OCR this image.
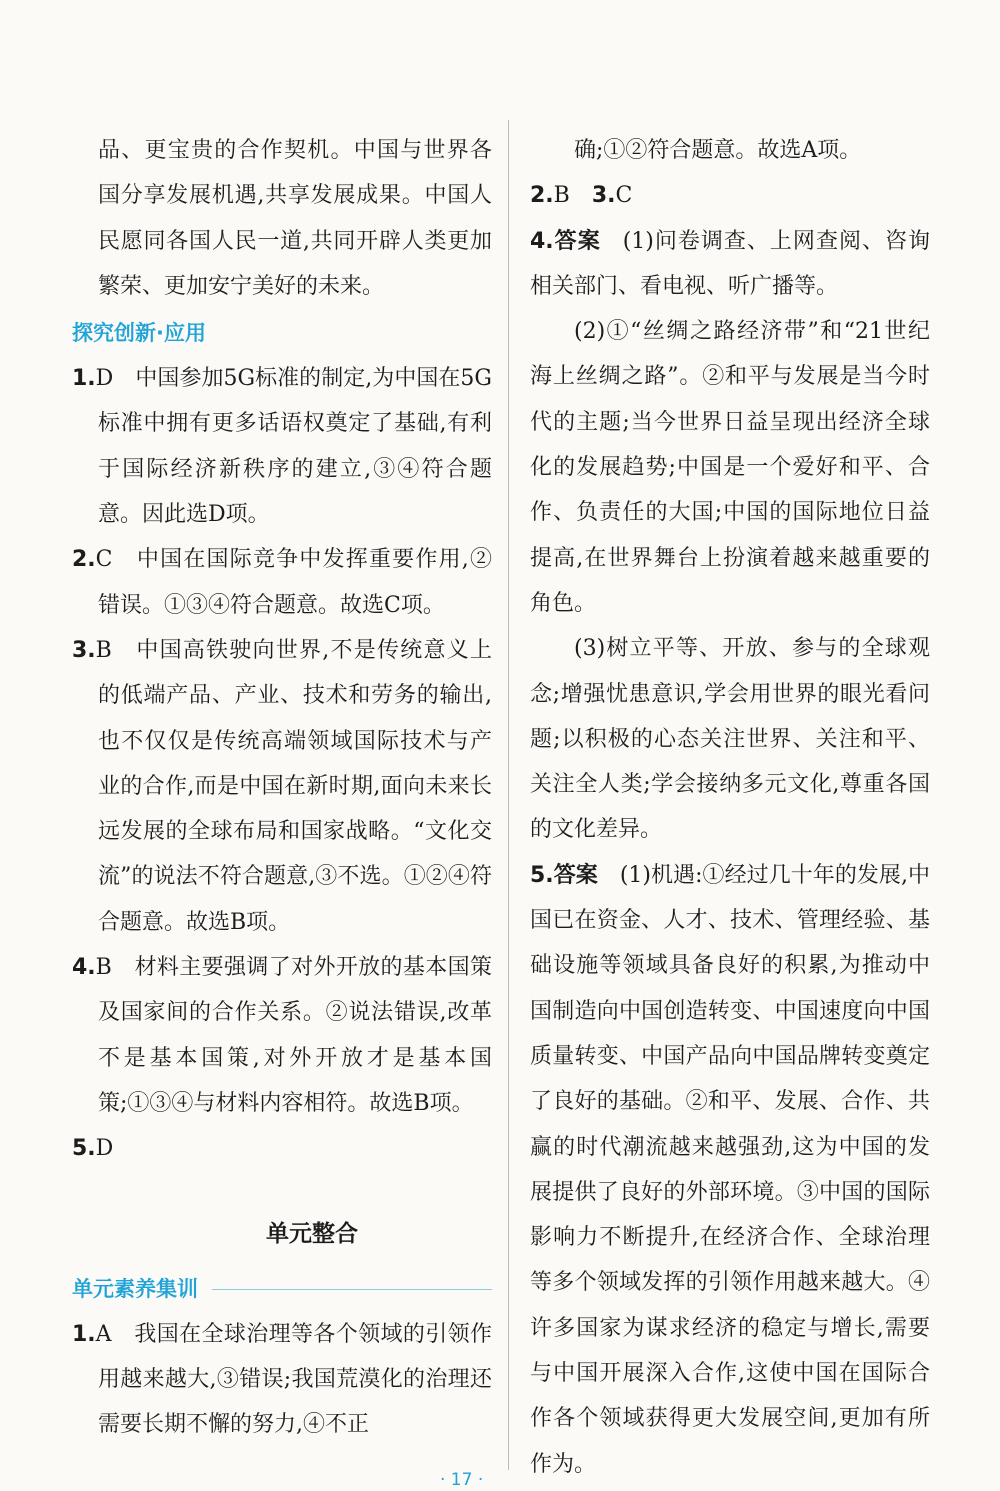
品、更宝贵的合作契机。中国与世界各国分享发展机遇,共享发展成果。中国人民愿同各国人民一道,共同开辟人类更加繁荣、更加安宁美好的未来。

探究创新·应用

1.D　中国参加5G标准的制定,为中国在5G标准中拥有更多话语权奠定了基础,有利于国际经济新秩序的建立,③④符合题意。因此选D项。

2.C　中国在国际竞争中发挥重要作用,②错误。①③④符合题意。故选C项。

3.B　中国高铁驶向世界,不是传统意义上的低端产品、产业、技术和劳务的输出,也不仅仅是传统高端领域国际技术与产业的合作,而是中国在新时期,面向未来长远发展的全球布局和国家战略。“文化交流”的说法不符合题意,③不选。①②④符合题意。故选B项。

4.B　材料主要强调了对外开放的基本国策及国家间的合作关系。②说法错误,改革不是基本国策,对外开放才是基本国策;①③④与材料内容相符。故选B项。

5.D

单元整合
单元素养集训

1.A　我国在全球治理等各个领域的引领作用越来越大,③错误;我国荒漠化的治理还需要长期不懈的努力,④不正

确;①②符合题意。故选A项。

2.B　 3.C

4.答案  (1)问卷调查、上网查阅、咨询相关部门、看电视、听广播等。

(2)①“丝绸之路经济带”和“21世纪海上丝绸之路”。②和平与发展是当今时代的主题;当今世界日益呈现出经济全球化的发展趋势;中国是一个爱好和平、合作、负责任的大国;中国的国际地位日益提高,在世界舞台上扮演着越来越重要的角色。

(3)树立平等、开放、参与的全球观念;增强忧患意识,学会用世界的眼光看问题;以积极的心态关注世界、关注和平、关注全人类;学会接纳多元文化,尊重各国的文化差异。

5.答案  (1)机遇:①经过几十年的发展,中国已在资金、人才、技术、管理经验、基础设施等领域具备良好的积累,为推动中国制造向中国创造转变、中国速度向中国质量转变、中国产品向中国品牌转变奠定了良好的基础。②和平、发展、合作、共赢的时代潮流越来越强劲,这为中国的发展提供了良好的外部环境。③中国的国际影响力不断提升,在经济合作、全球治理等多个领域发挥的引领作用越来越大。④许多国家为谋求经济的稳定与增长,需要与中国开展深入合作,这使中国在国际合作各个领域获得更大发展空间,更加有所作为。

· 17 ·
